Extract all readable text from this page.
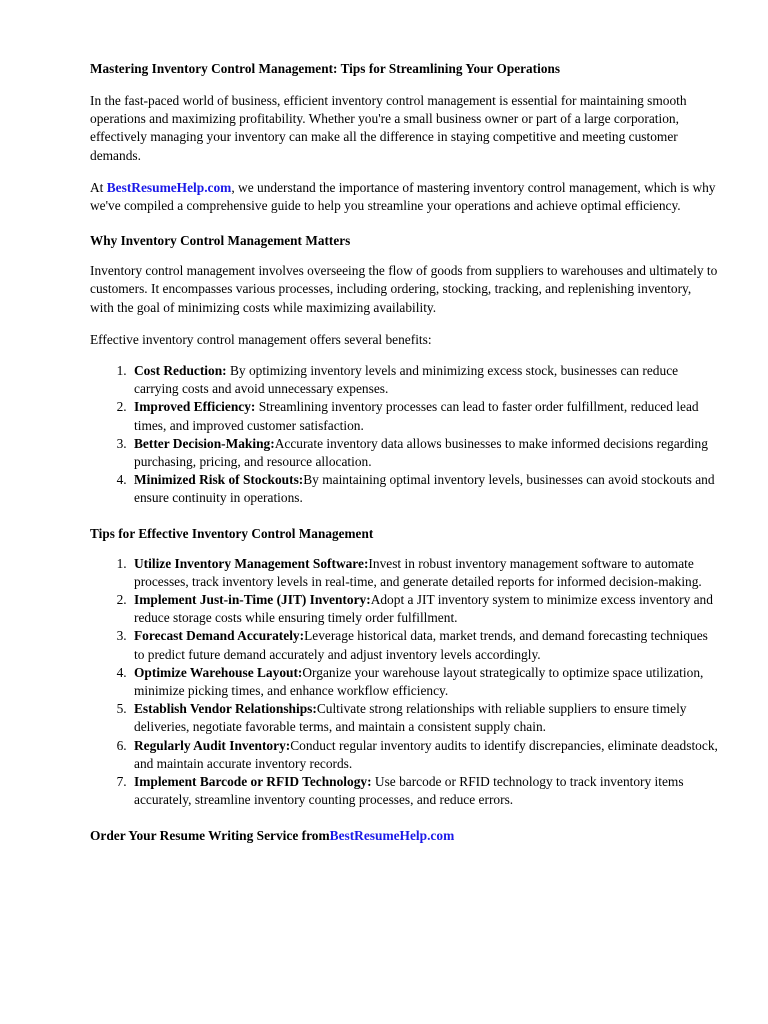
Mastering Inventory Control Management: Tips for Streamlining Your Operations

In the fast-paced world of business, efficient inventory control management is essential for maintaining smooth operations and maximizing profitability. Whether you're a small business owner or part of a large corporation, effectively managing your inventory can make all the difference in staying competitive and meeting customer demands.

At BestResumeHelp.com, we understand the importance of mastering inventory control management, which is why we've compiled a comprehensive guide to help you streamline your operations and achieve optimal efficiency.

Why Inventory Control Management Matters

Inventory control management involves overseeing the flow of goods from suppliers to warehouses and ultimately to customers. It encompasses various processes, including ordering, stocking, tracking, and replenishing inventory, with the goal of minimizing costs while maximizing availability.

Effective inventory control management offers several benefits:

1. Cost Reduction: By optimizing inventory levels and minimizing excess stock, businesses can reduce carrying costs and avoid unnecessary expenses.
2. Improved Efficiency: Streamlining inventory processes can lead to faster order fulfillment, reduced lead times, and improved customer satisfaction.
3. Better Decision-Making:Accurate inventory data allows businesses to make informed decisions regarding purchasing, pricing, and resource allocation.
4. Minimized Risk of Stockouts:By maintaining optimal inventory levels, businesses can avoid stockouts and ensure continuity in operations.
Tips for Effective Inventory Control Management
1. Utilize Inventory Management Software:Invest in robust inventory management software to automate processes, track inventory levels in real-time, and generate detailed reports for informed decision-making.
2. Implement Just-in-Time (JIT) Inventory:Adopt a JIT inventory system to minimize excess inventory and reduce storage costs while ensuring timely order fulfillment.
3. Forecast Demand Accurately:Leverage historical data, market trends, and demand forecasting techniques to predict future demand accurately and adjust inventory levels accordingly.
4. Optimize Warehouse Layout:Organize your warehouse layout strategically to optimize space utilization, minimize picking times, and enhance workflow efficiency.
5. Establish Vendor Relationships:Cultivate strong relationships with reliable suppliers to ensure timely deliveries, negotiate favorable terms, and maintain a consistent supply chain.
6. Regularly Audit Inventory:Conduct regular inventory audits to identify discrepancies, eliminate deadstock, and maintain accurate inventory records.
7. Implement Barcode or RFID Technology: Use barcode or RFID technology to track inventory items accurately, streamline inventory counting processes, and reduce errors.
Order Your Resume Writing Service fromBestResumeHelp.com
